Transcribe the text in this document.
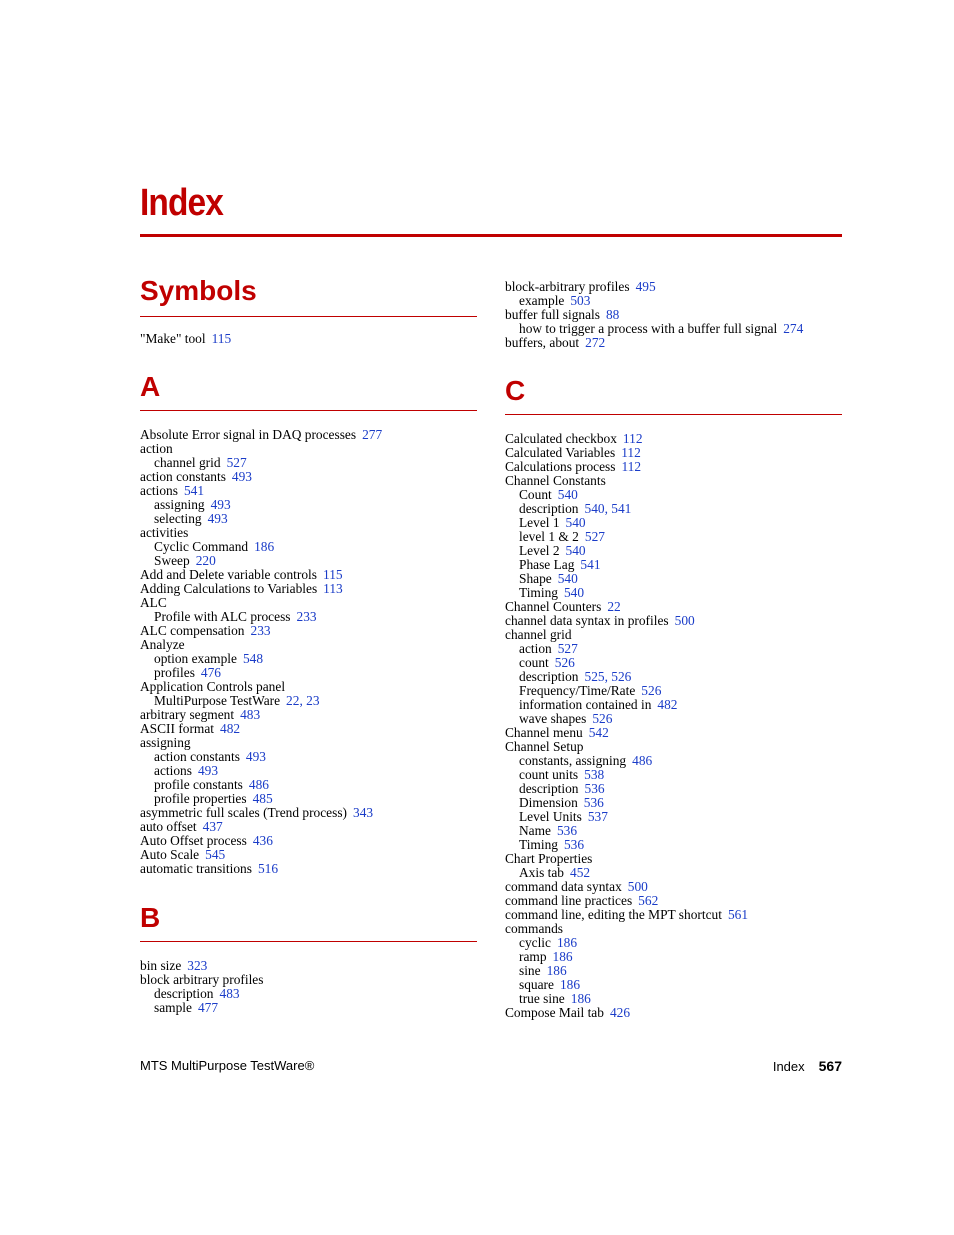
Index
Symbols
"Make" tool 115
A
Absolute Error signal in DAQ processes 277
action
channel grid 527
action constants 493
actions 541
assigning 493
selecting 493
activities
Cyclic Command 186
Sweep 220
Add and Delete variable controls 115
Adding Calculations to Variables 113
ALC
Profile with ALC process 233
ALC compensation 233
Analyze
option example 548
profiles 476
Application Controls panel
MultiPurpose TestWare 22, 23
arbitrary segment 483
ASCII format 482
assigning
action constants 493
actions 493
profile constants 486
profile properties 485
asymmetric full scales (Trend process) 343
auto offset 437
Auto Offset process 436
Auto Scale 545
automatic transitions 516
B
bin size 323
block arbitrary profiles
description 483
sample 477
block-arbitrary profiles 495
example 503
buffer full signals 88
how to trigger a process with a buffer full signal 274
buffers, about 272
C
Calculated checkbox 112
Calculated Variables 112
Calculations process 112
Channel Constants
Count 540
description 540, 541
Level 1 540
level 1 & 2 527
Level 2 540
Phase Lag 541
Shape 540
Timing 540
Channel Counters 22
channel data syntax in profiles 500
channel grid
action 527
count 526
description 525, 526
Frequency/Time/Rate 526
information contained in 482
wave shapes 526
Channel menu 542
Channel Setup
constants, assigning 486
count units 538
description 536
Dimension 536
Level Units 537
Name 536
Timing 536
Chart Properties
Axis tab 452
command data syntax 500
command line practices 562
command line, editing the MPT shortcut 561
commands
cyclic 186
ramp 186
sine 186
square 186
true sine 186
Compose Mail tab 426
MTS MultiPurpose TestWare®	Index 567
